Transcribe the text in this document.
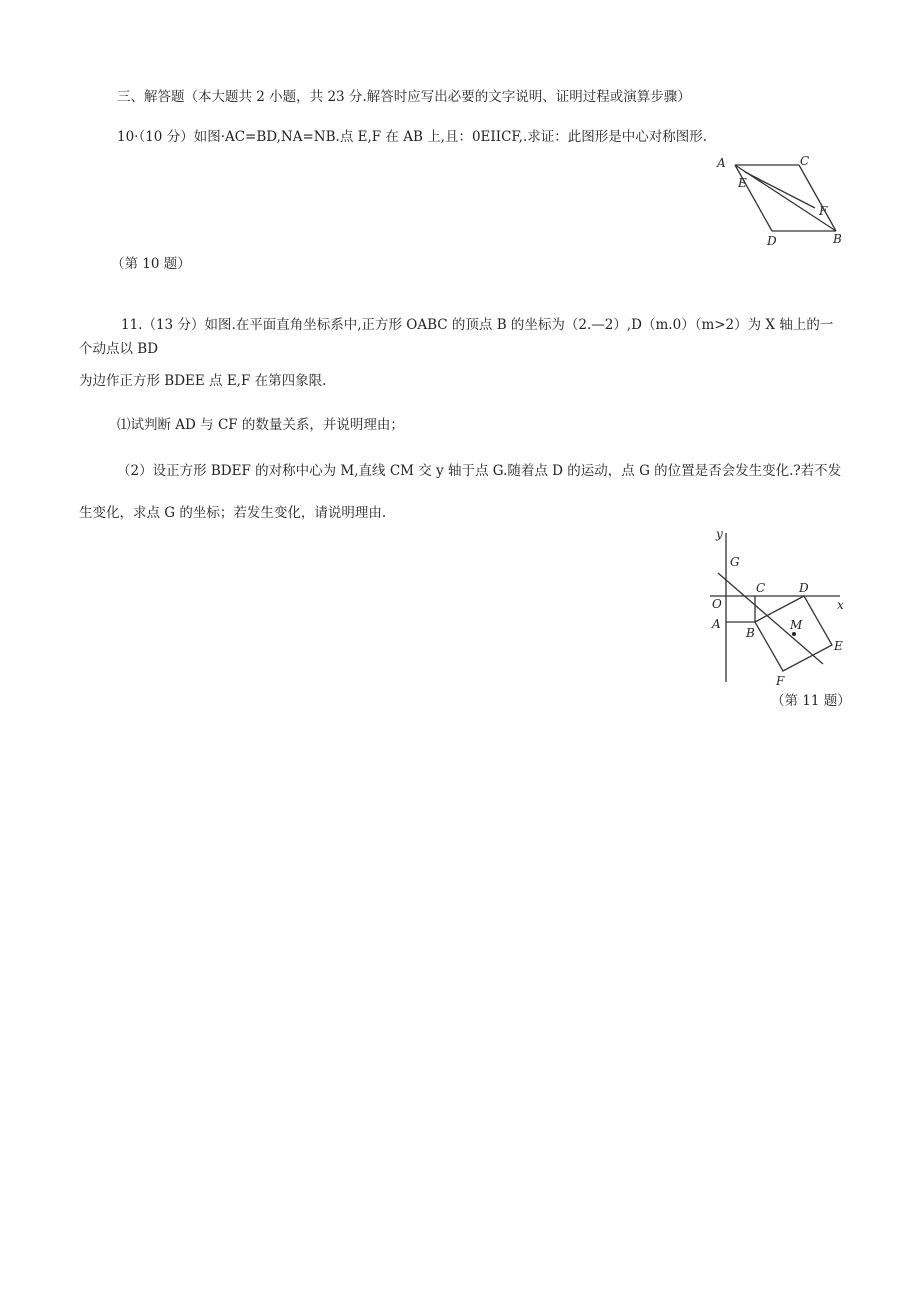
三、解答题（本大题共 2 小题，共 23 分.解答时应写出必要的文字说明、证明过程或演算步骤）
10·（10 分）如图·AC=BD,NA=NB.点 E,F 在 AB 上,且：0EIICF,.求证：此图形是中心对称图形.
A	C
E
F
D	B
（第 10 题）
11.（13 分）如图.在平面直角坐标系中,正方形 OABC 的顶点 B 的坐标为（2.—2）,D（m.0）（m>2）为 X 轴上的一
个动点以 BD
为边作正方形 BDEE 点 E,F 在第四象限.
⑴试判断 AD 与 CF 的数量关系，并说明理由；
（2）设正方形 BDEF 的对称中心为 M,直线 CM 交 y 轴于点 G.随着点 D 的运动，点 G 的位置是否会发生变化.?若不发
生变化，求点 G 的坐标；若发生变化，请说明理由.
y
G
C	D
x
O
A
B
M
E
F
（第 11 题）
